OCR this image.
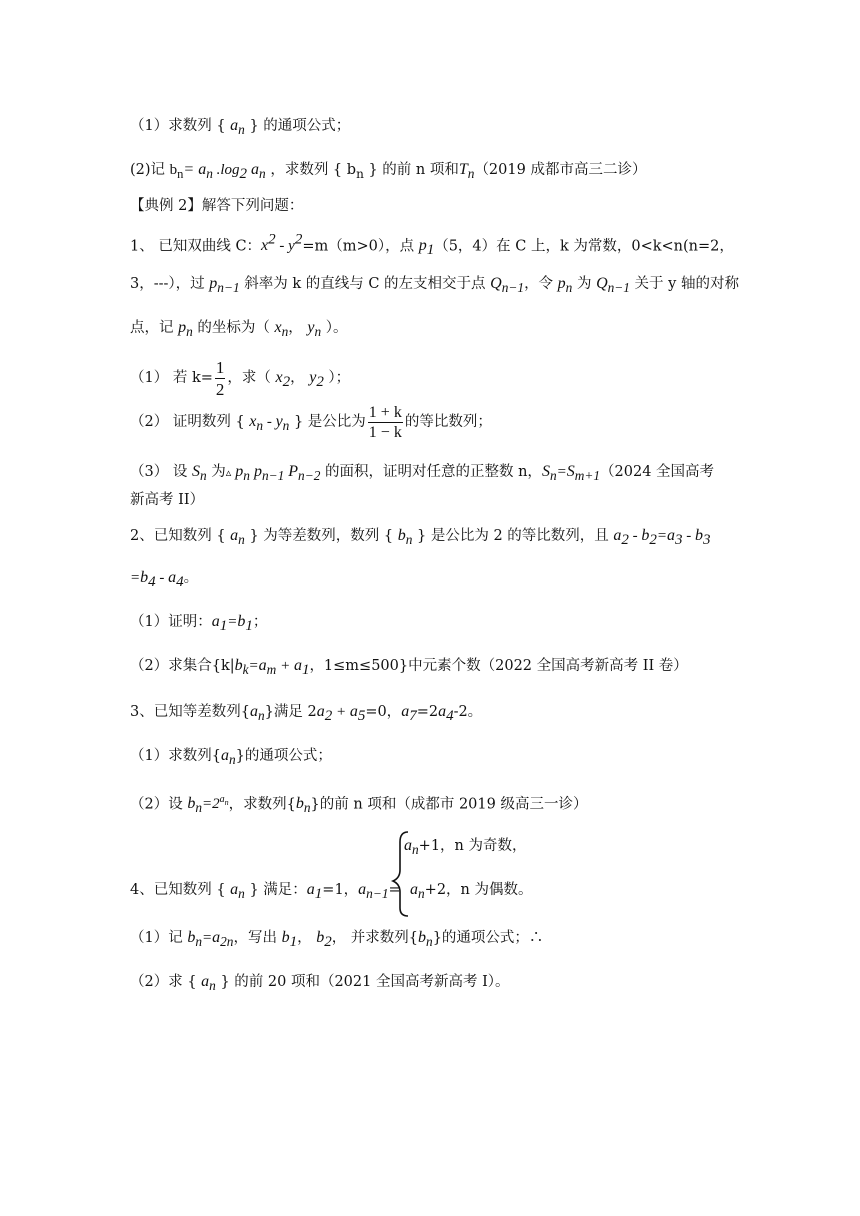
（1）求数列 { $a_n$ } 的通项公式；
(2)记 $b_n= a_n$ $.\log_2$ $a_n$ ，求数列 { $b_n$ } 的前 n 项和$T_n(2019$ 成都市高三二诊）
【典例 2】解答下列问题：
1、 已知双曲线 C：$x^2 - y^2=m(m>0)$，点 $p_1(5$，4）在 C 上，k 为常数，0<k<n(n=2，
3，---），过 $p_{n-1}$ 斜率为 k 的直线与 C 的左支相交于点 $Q_{n-1}$，令 $p_n$ 为 $Q_{n-1}$ 关于 y 轴的对称
点，记 $p_n$ 的坐标为（ $x_n$， $y_n$ ）。
（1） 若 $k= \frac{1}{2}$ ，求（ $x_2$， $y_2$ ）；
（2） 证明数列 { $x_n - y_n$ } 是公比为 $\frac{1 + k}{1 - k}$ 的等比数列；
（3） 设 $S_n$ 为▵ $p_n$ $p_{n-1}$ $P_{n-2}$ 的面积，证明对任意的正整数 n，$S_n=S_{m+1}(2024$ 全国高考
新高考 II）
2、已知数列 { $a_n$ } 为等差数列，数列 { $b_n$ } 是公比为 2 的等比数列，且 $a_2 - b_2=a_3 - b_3$
$=b_4 - a_4$。
（1）证明：$a_1=b_1$；
（2）求集合{$k|b_k=a_m + a_1$，1≤m≤500}中元素个数（2022 全国高考新高考 II 卷）
3、已知等差数列$\{a_n\}$满足 $2a_2 + a_5=0$，$a_7=2a_4-2$。
（1）求数列$\{a_n\}$的通项公式；
（2）设 $b_n=2^{a_n}$，求数列$\{b_n\}$的前 n 项和（成都市 2019 级高三一诊）
$a_n+1$，n 为奇数，
4、已知数列 { $a_n$ } 满足：$a_1=1$，$a_{n-1}= a_n+2$，n 为偶数。
（1）记 $b_n=a_{2n}$，写出 $b_1$， $b_2$， 并求数列$\{b_n\}$的通项公式；∴
（2）求 { $a_n$ } 的前 20 项和（2021 全国高考新高考 I）。
